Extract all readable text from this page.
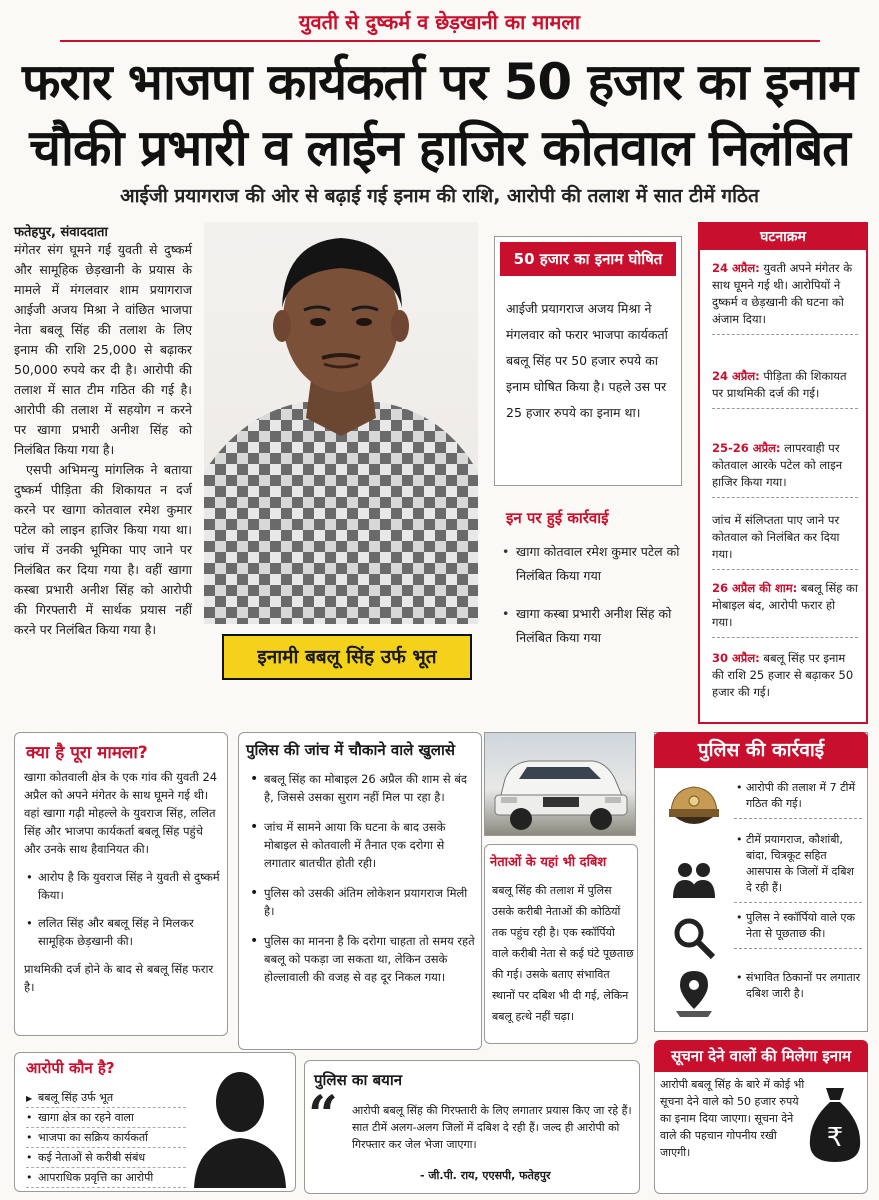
युवती से दुष्कर्म व छेड़खानी का मामला
फरार भाजपा कार्यकर्ता पर 50 हजार का इनाम
चौकी प्रभारी व लाईन हाजिर कोतवाल निलंबित
आईजी प्रयागराज की ओर से बढ़ाई गई इनाम की राशि, आरोपी की तलाश में सात टीमें गठित
फतेहपुर, संवाददाता

मंगेतर संग घूमने गई युवती से दुष्कर्म और सामूहिक छेड़खानी के प्रयास के मामले में मंगलवार शाम प्रयागराज आईजी अजय मिश्रा ने वांछित भाजपा नेता बबलू सिंह की तलाश के लिए इनाम की राशि 25,000 से बढ़ाकर 50,000 रुपये कर दी है। आरोपी की तलाश में सात टीम गठित की गई है। आरोपी की तलाश में सहयोग न करने पर खागा प्रभारी अनीश सिंह को निलंबित किया गया है।

एसपी अभिमन्यु मांगलिक ने बताया दुष्कर्म पीड़िता की शिकायत न दर्ज करने पर खागा कोतवाल रमेश कुमार पटेल को लाइन हाजिर किया गया था। जांच में उनकी भूमिका पाए जाने पर निलंबित कर दिया गया है। वहीं खागा कस्बा प्रभारी अनीश सिंह को आरोपी की गिरफ्तारी में सार्थक प्रयास नहीं करने पर निलंबित किया गया है।

इनामी बबलू सिंह उर्फ भूत
50 हजार का इनाम घोषित
आईजी प्रयागराज अजय मिश्रा ने मंगलवार को फरार भाजपा कार्यकर्ता बबलू सिंह पर 50 हजार रुपये का इनाम घोषित किया है। पहले उस पर 25 हजार रुपये का इनाम था।
इन पर हुई कार्रवाई
• खागा कोतवाल रमेश कुमार पटेल को निलंबित किया गया
• खागा कस्बा प्रभारी अनीश सिंह को निलंबित किया गया
घटनाक्रम
24 अप्रैल: युवती अपने मंगेतर के साथ घूमने गई थी। आरोपियों ने दुष्कर्म व छेड़खानी की घटना को अंजाम दिया।
24 अप्रैल: पीड़िता की शिकायत पर प्राथमिकी दर्ज की गई।
25-26 अप्रैल: लापरवाही पर कोतवाल आरके पटेल को लाइन हाजिर किया गया।
जांच में संलिप्तता पाए जाने पर कोतवाल को निलंबित कर दिया गया।
26 अप्रैल की शाम: बबलू सिंह का मोबाइल बंद, आरोपी फरार हो गया।
30 अप्रैल: बबलू सिंह पर इनाम की राशि 25 हजार से बढ़ाकर 50 हजार की गई।
क्या है पूरा मामला?

खागा कोतवाली क्षेत्र के एक गांव की युवती 24 अप्रैल को अपने मंगेतर के साथ घूमने गई थी। वहां खागा गढ़ी मोहल्ले के युवराज सिंह, ललित सिंह और भाजपा कार्यकर्ता बबलू सिंह पहुंचे और उनके साथ हैवानियत की।

• आरोप है कि युवराज सिंह ने युवती से दुष्कर्म किया।
• ललित सिंह और बबलू सिंह ने मिलकर सामूहिक छेड़खानी की।

प्राथमिकी दर्ज होने के बाद से बबलू सिंह फरार है।

पुलिस की जांच में चौकाने वाले खुलासे
• बबलू सिंह का मोबाइल 26 अप्रैल की शाम से बंद है, जिससे उसका सुराग नहीं मिल पा रहा है।
• जांच में सामने आया कि घटना के बाद उसके मोबाइल से कोतवाली में तैनात एक दरोगा से लगातार बातचीत होती रही।
• पुलिस को उसकी अंतिम लोकेशन प्रयागराज मिली है।
• पुलिस का मानना है कि दरोगा चाहता तो समय रहते बबलू को पकड़ा जा सकता था, लेकिन उसके होल्लावाली की वजह से वह दूर निकल गया।
नेताओं के यहां भी दबिश
बबलू सिंह की तलाश में पुलिस उसके करीबी नेताओं की कोठियों तक पहुंच रही है। एक स्कॉर्पियो वाले करीबी नेता से कई घंटे पूछताछ की गई। उसके बताए संभावित स्थानों पर दबिश भी दी गई, लेकिन बबलू हत्थे नहीं चढ़ा।
पुलिस की कार्रवाई
• आरोपी की तलाश में 7 टीमें गठित की गई।
• टीमें प्रयागराज, कौशांबी, बांदा, चित्रकूट सहित आसपास के जिलों में दबिश दे रही हैं।
• पुलिस ने स्कॉर्पियो वाले एक नेता से पूछताछ की।
• संभावित ठिकानों पर लगातार दबिश जारी है।
आरोपी कौन है?
▶ बबलू सिंह उर्फ भूत
• खागा क्षेत्र का रहने वाला
• भाजपा का सक्रिय कार्यकर्ता
• कई नेताओं से करीबी संबंध
• आपराधिक प्रवृत्ति का आरोपी
पुलिस का बयान
“ आरोपी बबलू सिंह की गिरफ्तारी के लिए लगातार प्रयास किए जा रहे हैं। सात टीमें अलग-अलग जिलों में दबिश दे रही हैं। जल्द ही आरोपी को गिरफ्तार कर जेल भेजा जाएगा।
- जी.पी. राय, एएसपी, फतेहपुर
सूचना देने वालों की मिलेगा इनाम
आरोपी बबलू सिंह के बारे में कोई भी सूचना देने वाले को 50 हजार रुपये का इनाम दिया जाएगा। सूचना देने वाले की पहचान गोपनीय रखी जाएगी।	₹
